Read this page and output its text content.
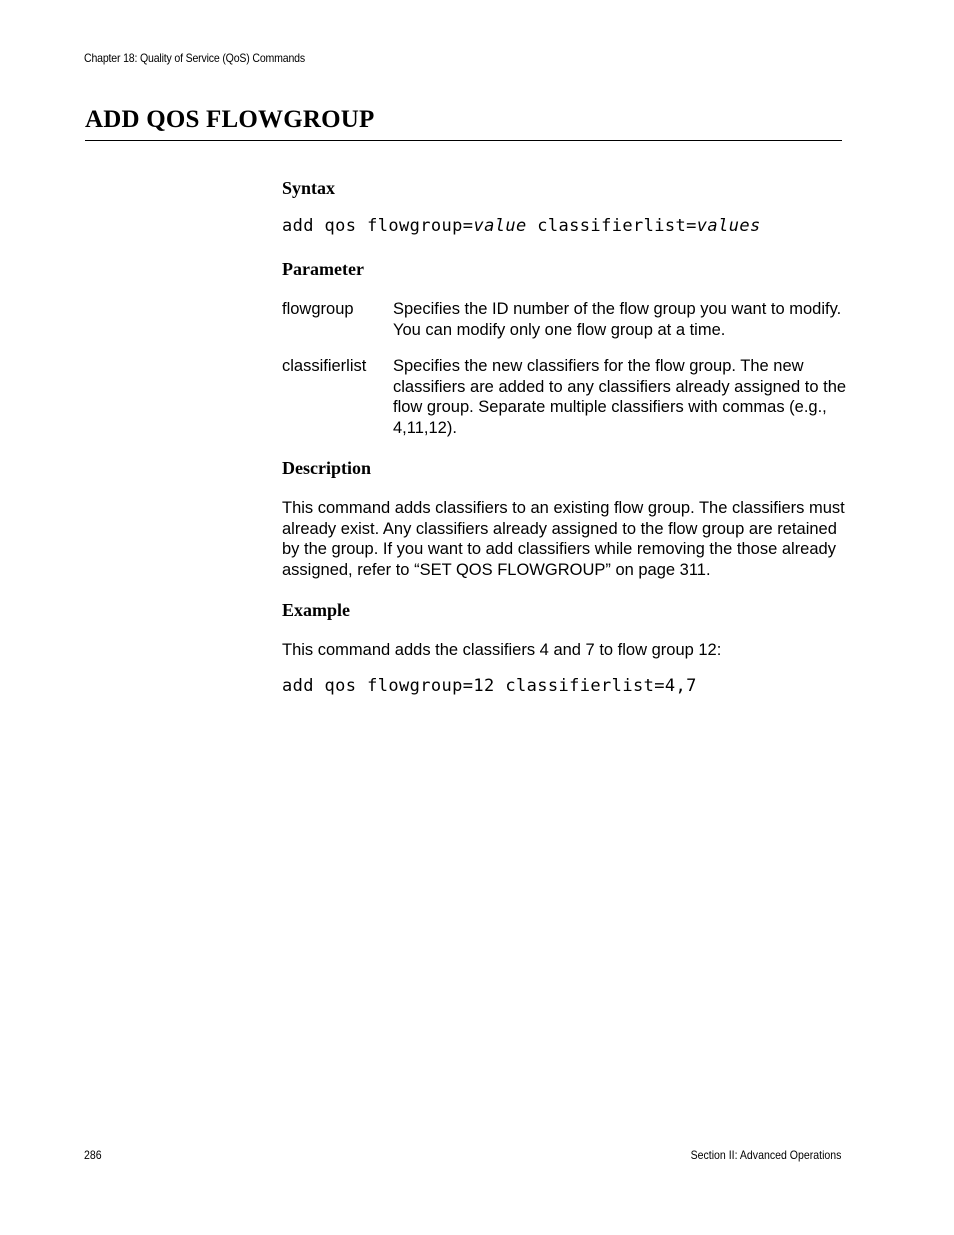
Chapter 18: Quality of Service (QoS) Commands
ADD QOS FLOWGROUP
Syntax
add qos flowgroup=value classifierlist=values
Parameter
flowgroup Specifies the ID number of the flow group you want to modify. You can modify only one flow group at a time.
classifierlist Specifies the new classifiers for the flow group. The new classifiers are added to any classifiers already assigned to the flow group. Separate multiple classifiers with commas (e.g., 4,11,12).
Description
This command adds classifiers to an existing flow group. The classifiers must already exist. Any classifiers already assigned to the flow group are retained by the group. If you want to add classifiers while removing the those already assigned, refer to “SET QOS FLOWGROUP” on page 311.
Example
This command adds the classifiers 4 and 7 to flow group 12:
add qos flowgroup=12 classifierlist=4,7
286	Section II: Advanced Operations
